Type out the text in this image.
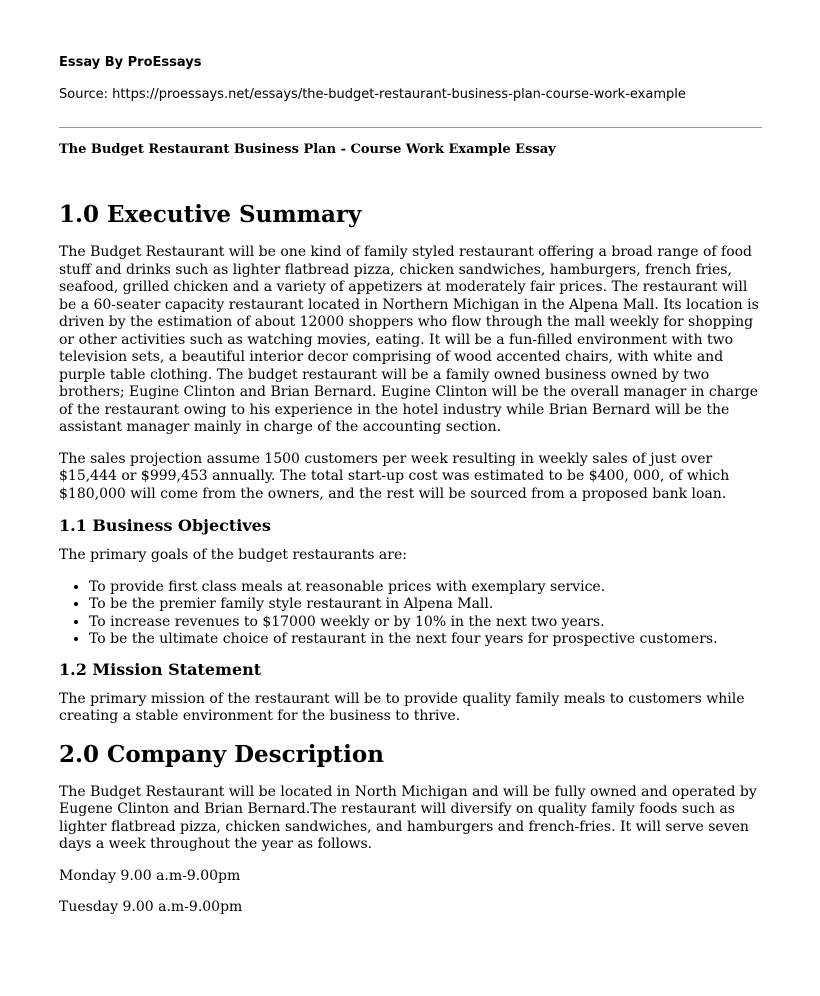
Essay By ProEssays

Source: https://proessays.net/essays/the-budget-restaurant-business-plan-course-work-example

The Budget Restaurant Business Plan - Course Work Example Essay

1.0 Executive Summary

The Budget Restaurant will be one kind of family styled restaurant offering a broad range of food stuff and drinks such as lighter flatbread pizza, chicken sandwiches, hamburgers, french fries, seafood, grilled chicken and a variety of appetizers at moderately fair prices. The restaurant will be a 60-seater capacity restaurant located in Northern Michigan in the Alpena Mall. Its location is driven by the estimation of about 12000 shoppers who flow through the mall weekly for shopping or other activities such as watching movies, eating. It will be a fun-filled environment with two television sets, a beautiful interior decor comprising of wood accented chairs, with white and purple table clothing. The budget restaurant will be a family owned business owned by two brothers; Eugine Clinton and Brian Bernard. Eugine Clinton will be the overall manager in charge of the restaurant owing to his experience in the hotel industry while Brian Bernard will be the assistant manager mainly in charge of the accounting section.

The sales projection assume 1500 customers per week resulting in weekly sales of just over $15,444 or $999,453 annually. The total start-up cost was estimated to be $400, 000, of which $180,000 will come from the owners, and the rest will be sourced from a proposed bank loan.

1.1 Business Objectives

The primary goals of the budget restaurants are:

• To provide first class meals at reasonable prices with exemplary service.
• To be the premier family style restaurant in Alpena Mall.
• To increase revenues to $17000 weekly or by 10% in the next two years.
• To be the ultimate choice of restaurant in the next four years for prospective customers.
1.2 Mission Statement

The primary mission of the restaurant will be to provide quality family meals to customers while creating a stable environment for the business to thrive.

2.0 Company Description

The Budget Restaurant will be located in North Michigan and will be fully owned and operated by Eugene Clinton and Brian Bernard.The restaurant will diversify on quality family foods such as lighter flatbread pizza, chicken sandwiches, and hamburgers and french-fries. It will serve seven days a week throughout the year as follows.

Monday 9.00 a.m-9.00pm

Tuesday 9.00 a.m-9.00pm
